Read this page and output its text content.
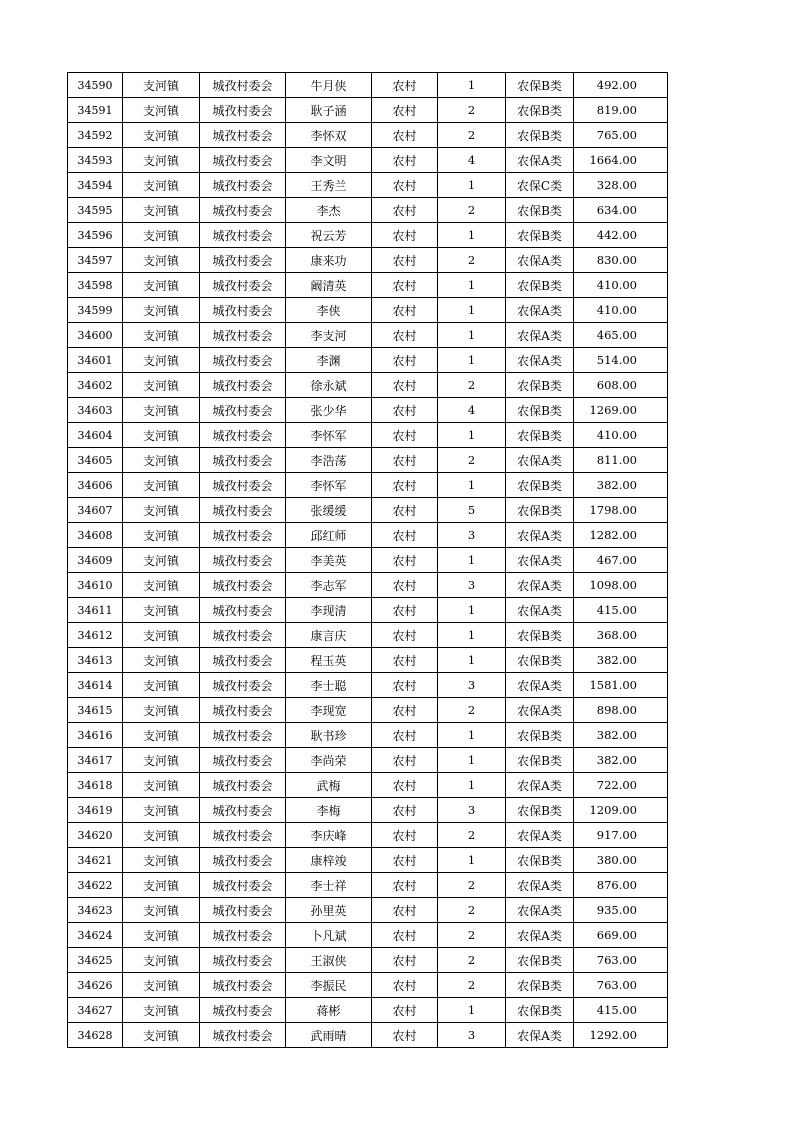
34590	支河镇	城孜村委会	牛月侠	农村	1	农保B类	492.00
34591	支河镇	城孜村委会	耿子涵	农村	2	农保B类	819.00
34592	支河镇	城孜村委会	李怀双	农村	2	农保B类	765.00
34593	支河镇	城孜村委会	李文明	农村	4	农保A类	1664.00
34594	支河镇	城孜村委会	王秀兰	农村	1	农保C类	328.00
34595	支河镇	城孜村委会	李杰	农村	2	农保B类	634.00
34596	支河镇	城孜村委会	祝云芳	农村	1	农保B类	442.00
34597	支河镇	城孜村委会	康来功	农村	2	农保A类	830.00
34598	支河镇	城孜村委会	阚清英	农村	1	农保B类	410.00
34599	支河镇	城孜村委会	李侠	农村	1	农保A类	410.00
34600	支河镇	城孜村委会	李支河	农村	1	农保A类	465.00
34601	支河镇	城孜村委会	李渊	农村	1	农保A类	514.00
34602	支河镇	城孜村委会	徐永斌	农村	2	农保B类	608.00
34603	支河镇	城孜村委会	张少华	农村	4	农保B类	1269.00
34604	支河镇	城孜村委会	李怀军	农村	1	农保B类	410.00
34605	支河镇	城孜村委会	李浩荡	农村	2	农保A类	811.00
34606	支河镇	城孜村委会	李怀军	农村	1	农保B类	382.00
34607	支河镇	城孜村委会	张缓缓	农村	5	农保B类	1798.00
34608	支河镇	城孜村委会	邱红师	农村	3	农保A类	1282.00
34609	支河镇	城孜村委会	李美英	农村	1	农保A类	467.00
34610	支河镇	城孜村委会	李志军	农村	3	农保A类	1098.00
34611	支河镇	城孜村委会	李现清	农村	1	农保A类	415.00
34612	支河镇	城孜村委会	康言庆	农村	1	农保B类	368.00
34613	支河镇	城孜村委会	程玉英	农村	1	农保B类	382.00
34614	支河镇	城孜村委会	李士聪	农村	3	农保A类	1581.00
34615	支河镇	城孜村委会	李现宽	农村	2	农保A类	898.00
34616	支河镇	城孜村委会	耿书珍	农村	1	农保B类	382.00
34617	支河镇	城孜村委会	李尚荣	农村	1	农保B类	382.00
34618	支河镇	城孜村委会	武梅	农村	1	农保A类	722.00
34619	支河镇	城孜村委会	李梅	农村	3	农保B类	1209.00
34620	支河镇	城孜村委会	李庆峰	农村	2	农保A类	917.00
34621	支河镇	城孜村委会	康梓竣	农村	1	农保B类	380.00
34622	支河镇	城孜村委会	李士祥	农村	2	农保A类	876.00
34623	支河镇	城孜村委会	孙里英	农村	2	农保A类	935.00
34624	支河镇	城孜村委会	卜凡斌	农村	2	农保A类	669.00
34625	支河镇	城孜村委会	王淑侠	农村	2	农保B类	763.00
34626	支河镇	城孜村委会	李振民	农村	2	农保B类	763.00
34627	支河镇	城孜村委会	蒋彬	农村	1	农保B类	415.00
34628	支河镇	城孜村委会	武雨晴	农村	3	农保A类	1292.00
